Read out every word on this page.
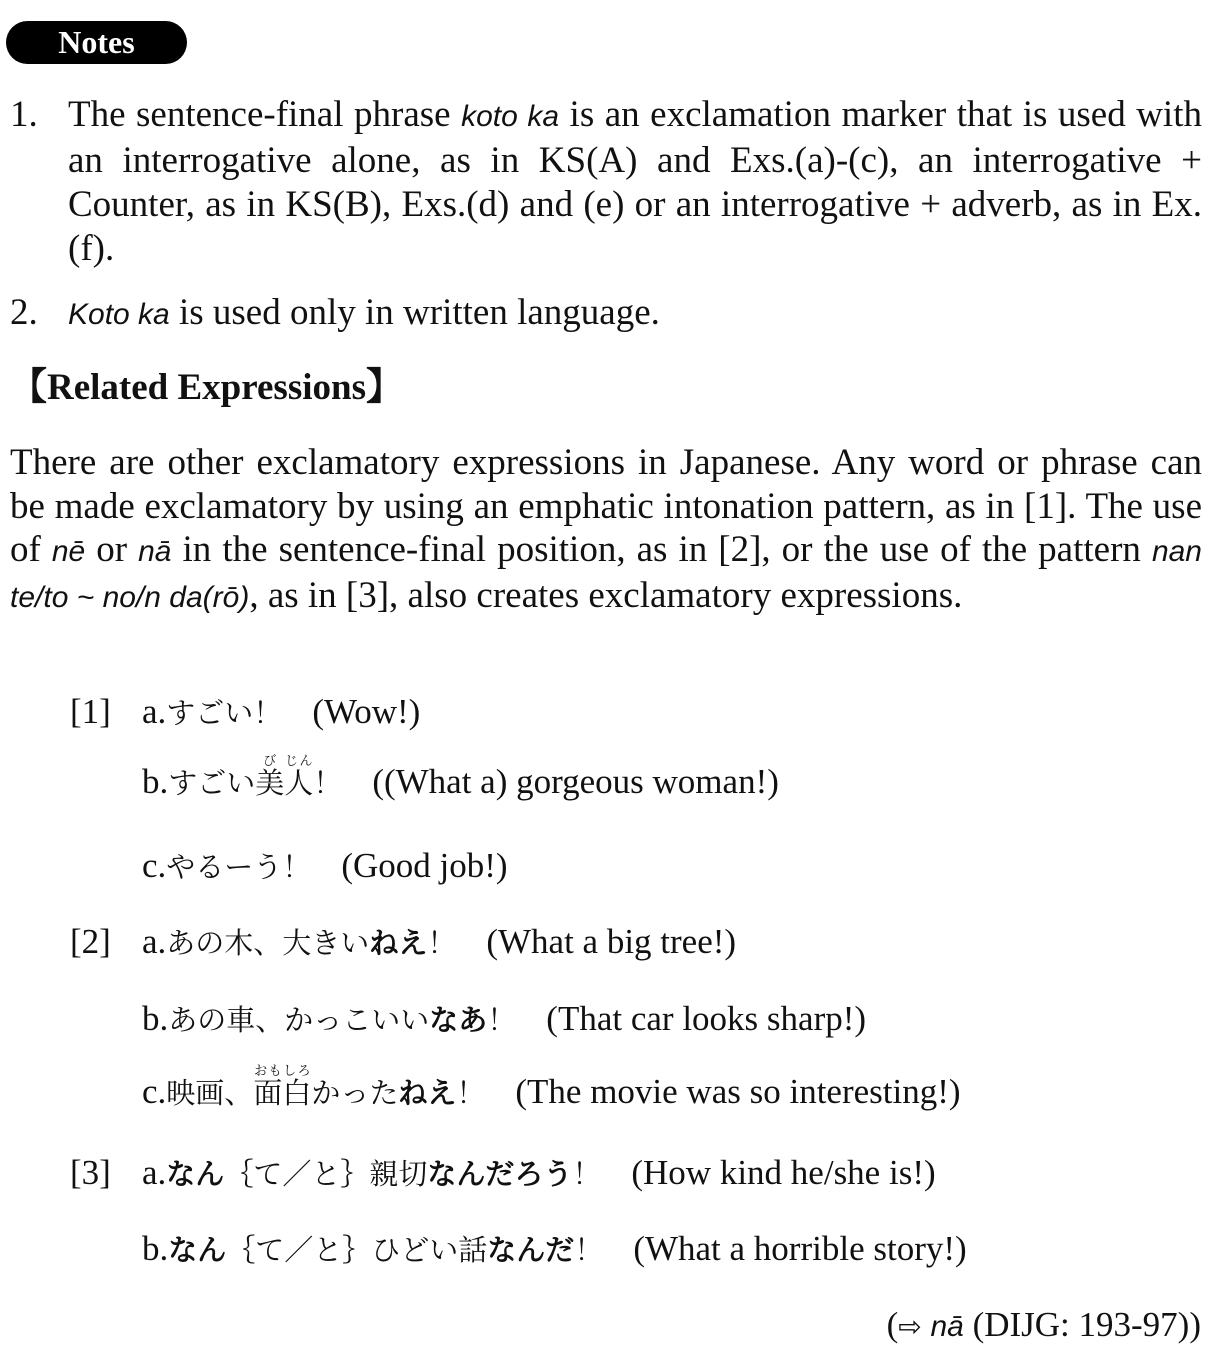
Notes
1. The sentence-final phrase koto ka is an exclamation marker that is used with an interrogative alone, as in KS(A) and Exs.(a)-(c), an interrogative + Counter, as in KS(B), Exs.(d) and (e) or an interrogative + adverb, as in Ex.(f).
2. Koto ka is used only in written language.
【Related Expressions】
There are other exclamatory expressions in Japanese. Any word or phrase can be made exclamatory by using an emphatic intonation pattern, as in [1]. The use of nē or nā in the sentence-final position, as in [2], or the use of the pattern nan te/to ~ no/n da(rō), as in [3], also creates exclamatory expressions.
[1] a.すごい！ (Wow!)
b.すごい美び人じん！ ((What a) gorgeous woman!)
c.やるーう！ (Good job!)
[2] a.あの木、大きいねえ！ (What a big tree!)
b.あの車、かっこいいなあ！ (That car looks sharp!)
c.映画、面白おもしろかったねえ！ (The movie was so interesting!)
[3] a.なん｛て／と｝親切なんだろう！ (How kind he/she is!)
b.なん｛て／と｝ひどい話なんだ！ (What a horrible story!)
(⇨ nā (DIJG: 193-97))
